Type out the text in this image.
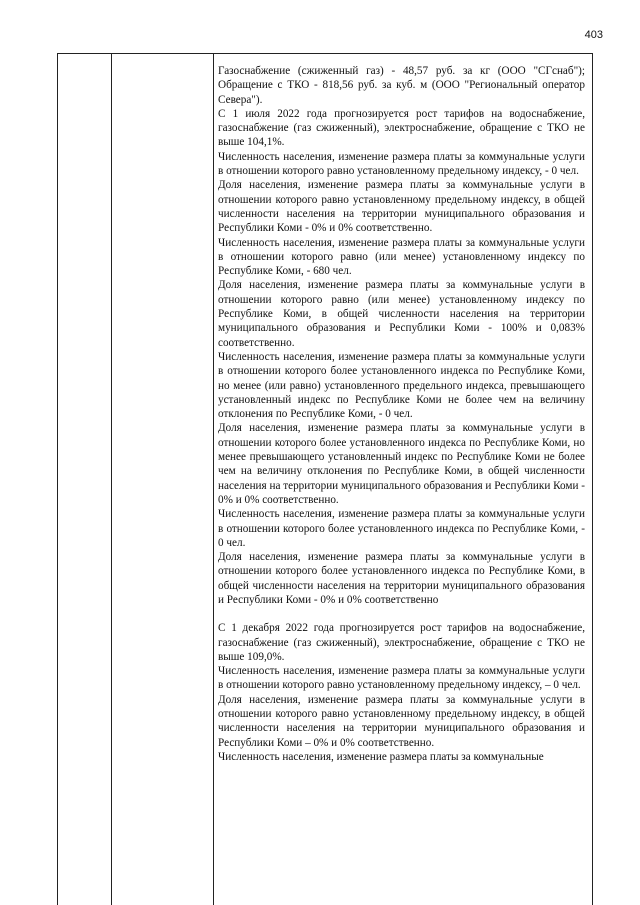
403

Газоснабжение (сжиженный газ) - 48,57 руб. за кг (ООО "СГснаб"); Обращение с ТКО - 818,56 руб. за куб. м (ООО "Региональный оператор Севера").

С 1 июля 2022 года прогнозируется рост тарифов на водоснабжение, газоснабжение (газ сжиженный), электроснабжение, обращение с ТКО не выше 104,1%.

Численность населения, изменение размера платы за коммунальные услуги в отношении которого равно установленному предельному индексу, - 0 чел.

Доля населения, изменение размера платы за коммунальные услуги в отношении которого равно установленному предельному индексу, в общей численности населения на территории муниципального образования и Республики Коми - 0% и 0% соответственно.

Численность населения, изменение размера платы за коммунальные услуги в отношении которого равно (или менее) установленному индексу по Республике Коми, - 680 чел.

Доля населения, изменение размера платы за коммунальные услуги в отношении которого равно (или менее) установленному индексу по Республике Коми, в общей численности населения на территории муниципального образования и Республики Коми - 100% и 0,083% соответственно.

Численность населения, изменение размера платы за коммунальные услуги в отношении которого более установленного индекса по Республике Коми, но менее (или равно) установленного предельного индекса, превышающего установленный индекс по Республике Коми не более чем на величину отклонения по Республике Коми, - 0 чел.

Доля населения, изменение размера платы за коммунальные услуги в отношении которого более установленного индекса по Республике Коми, но менее превышающего установленный индекс по Республике Коми не более чем на величину отклонения по Республике Коми, в общей численности населения на территории муниципального образования и Республики Коми - 0% и 0% соответственно.

Численность населения, изменение размера платы за коммунальные услуги в отношении которого более установленного индекса по Республике Коми, - 0 чел.

Доля населения, изменение размера платы за коммунальные услуги в отношении которого более установленного индекса по Республике Коми, в общей численности населения на территории муниципального образования и Республики Коми - 0% и 0% соответственно

С 1 декабря 2022 года прогнозируется рост тарифов на водоснабжение, газоснабжение (газ сжиженный), электроснабжение, обращение с ТКО не выше 109,0%.

Численность населения, изменение размера платы за коммунальные услуги в отношении которого равно установленному предельному индексу, – 0 чел.

Доля населения, изменение размера платы за коммунальные услуги в отношении которого равно установленному предельному индексу, в общей численности населения на территории муниципального образования и Республики Коми – 0% и 0% соответственно.

Численность населения, изменение размера платы за коммунальные
